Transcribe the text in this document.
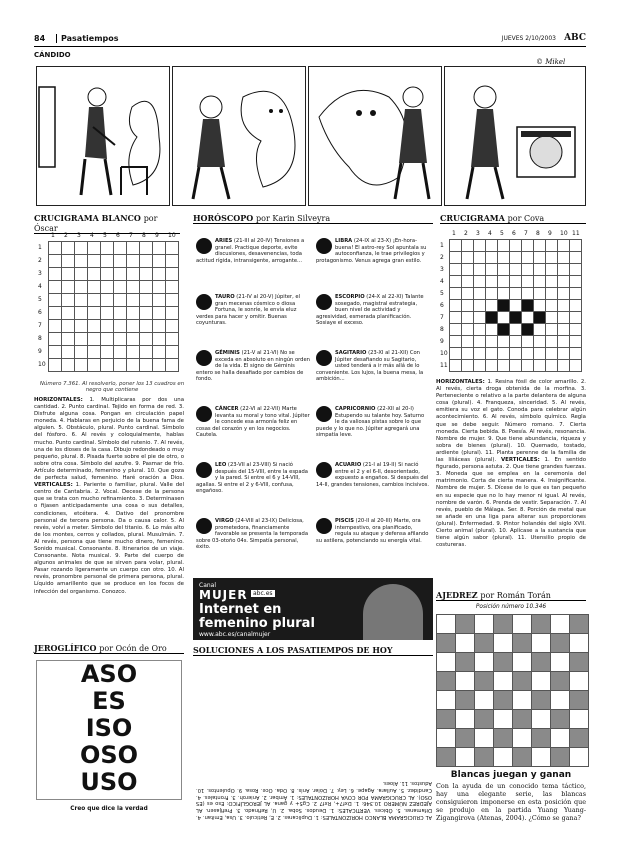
84	Pasatiempos	JUEVES 2/10/2003 ABC
CÁNDIDO
© Mikel
CRUCIGRAMA BLANCO por Óscar
1 2 3 4 5 6 7 8 9 10
1
2
3
4
5
6
7
8
9
10

Número 7.361. Al resolverlo, poner los 13 cuadros en negro que contiene
HORIZONTALES: 1. Multiplicaras por dos una cantidad. 2. Punto cardinal. Tejido en forma de red. 3. Disfrute alguna cosa. Pongan en circulación papel moneda. 4. Hablaras en perjuicio de la buena fama de alguien. 5. Obstáculo, plural. Punto cardinal. Símbolo del fósforo. 6. Al revés y coloquialmente, hablas mucho. Punto cardinal. Símbolo del rutenio. 7. Al revés, una de los dioses de la casa. Dibujo redondeado o muy pequeño, plural. 8. Pisada fuerte sobre el pie de otro, o sobre otra cosa. Símbolo del azufre. 9. Pasmar de frío. Artículo determinado, femenino y plural. 10. Que goza de perfecta salud, femenino. Haré oración a Dios. VERTICALES: 1. Pariente o familiar, plural. Valle del centro de Cantabria. 2. Vocal. Decese de la persona que se trata con mucho refinamiento. 3. Determinasen o fijasen anticipadamente una cosa o sus detalles, condiciones, etcétera. 4. Dativo del pronombre personal de tercera persona. Da o causa calor. 5. Al revés, volví a meter. Símbolo del titanio. 6. Lo más alto de los montes, cerros y collados, plural. Musulmán. 7. Al revés, persona que tiene mucho dinero, femenino. Sonido musical. Consonante. 8. Itinerarios de un viaje. Consonante. Nota musical. 9. Parte del cuerpo de algunos animales de que se sirven para volar, plural. Pasar rozando ligeramente un cuerpo con otro. 10. Al revés, pronombre personal de primera persona, plural. Líquido amarillento que se produce en los focos de infección del organismo. Conozco.
HORÓSCOPO por Karin Silveyra
ARIES (21-III al 20-IV) Tensiones a granel. Practique deporte, evite discusiones, desavenencias, toda actitud rígida, intransigente, arrogante...
TAURO (21-IV al 20-V) Júpiter, el gran mecenas cósmico o diosa Fortuna, le sonríe, le envía eluz verdes para hacer y omitir. Buenas coyunturas.
GÉMINIS (21-V al 21-VI) No se exceda en absoluto en ningún orden de la vida. El signo de Géminis entero se halla desafiado por cambios de fondo.
CÁNCER (22-VI al 22-VII) Marte levanta su moral y tono vital. Júpiter le concede esa armonía feliz en cosas del corazón y en los negocios. Cautela.
LEO (23-VII al 23-VIII) Si nació después del 15-VIII, entre la espada y la pared. Si entre el 6 y 14-VIII, agallas. Si entre el 2 y 6-VIII, confusa, engañoso.
VIRGO (24-VIII al 23-IX) Deliciosa, prometedora, financiamente favorable se presenta la temporada sobre 03-otoño 04s. Simpatía personal, éxito.
LIBRA (24-IX al 23-X) ¡En-hora-buena! El astro-rey Sol apuntala su autoconfianza, le trae privilegios y protagonismo. Venus agrega gran estilo.
ESCORPIO (24-X al 22-XI) Talante sosegado, magistral estrategia, buen nivel de actividad y agresividad, esmerada planificación. Sosiaye el exceso.
SAGITARIO (23-XI al 21-XII) Con Júpiter desafiando su Sagitario, usted tenderá a ir más allá de lo conveniente. Los lujos, la buena mesa, la ambición...
CAPRICORNIO (22-XII al 20-I) Estupendo su talante hoy. Saturno le da valiosas pistas sobre lo que puede y lo que no. Júpiter agregará una simpatía leve.
ACUARIO (21-I al 19-II) Si nació entre el 2 y el 6-II, desorientado, expuesto a engaños. Si después del 14-II, grandes tensiones, cambios incisivos.
PISCIS (20-II al 20-III) Marte, ora intempestivo, ora planificado, regula su ataque y defensa afilando su astilera, potenciando su energía vital.
Canal
MUJER abc.es
Internet en
femenino plural
www.abc.es/canalmujer
CRUCIGRAMA por Cova
1 2 3 4 5 6 7 8 9 10 11
1
2
3
4
5
6
7
8
9
10
11

HORIZONTALES: 1. Resina fósil de color amarillo. 2. Al revés, cierta droga obtenida de la morfina. 3. Perteneciente o relativo a la parte delantera de alguna cosa (plural). 4. Franqueza, sinceridad. 5. Al revés, emitiera su voz el gato. Conoda para celebrar algún acontecimiento. 6. Al revés, símbolo químico. Regla que se debe seguir. Número romano. 7. Cierta moneda. Cierta bebida. 8. Poesía. Al revés, resonancia. Nombre de mujer. 9. Que tiene abundancia, riqueza y sobra de bienes (plural). 10. Quemado, tostado, ardiente (plural). 11. Planta perenne de la familia de las liliáceas (plural). VERTICALES: 1. En sentido figurado, persona astuta. 2. Que tiene grandes fuerzas. 3. Moneda que se emplea en la ceremonia del matrimonio. Corta de cierta manera. 4. Insignificante. Nombre de mujer. 5. Dícese de lo que es tan pequeño en su especie que no lo hay menor ni igual. Al revés, nombre de varón. 6. Prenda de vestir. Separación. 7. Al revés, pueblo de Málaga. Ser. 8. Porción de metal que se añade en una liga para alterar sus proporciones (plural). Enfermedad. 9. Pintor holandés del siglo XVII. Cierto animal (plural). 10. Aplícase a la sustancia que tiene algún sabor (plural). 11. Utensilio propio de costureras.
AJEDREZ por Román Torán
Posición número 10.346

Blancas juegan y ganan
Con la ayuda de un conocido tema táctico, hay una elegante serie, las blancas consiguieron imponerse en esta posición que se produjo en la partida Yuang Yuang-Zigangirova (Atenas, 2004). ¿Cómo se gana?
JEROGLÍFICO por Ocón de Oro
ASO
ES
ISO
OSO
USO
Creo que dice la verdad
SOLUCIONES A LOS PASATIEMPOS DE HOY
AL CRUCIGRAMA BLANCO HORIZONTALES: 1. Duplicaras. 2. E, Retículo. 3. Usa, Emitan. 4. Difamaras. 5. Óbices. VERTICALES: 1. Deudos. Soba. 2. U, Refinado. 3. Prefijasen. AL AJEDREZ NÚMERO 10.346: 1. Dxf7+, Rxf7 2. Cg5+ y gana. AL JEROGLÍFICO: Eso es (ES OSO). AL CRUCIGRAMA POR COVA HORIZONTALES: 1. Ámbar. 2. Anieroh. 3. Frontales. 4. Candidez. 5. Aullara. Agape. 6. Ley. 7. Dólar. Anís. 8. Oda. Oce. Rosa. 9. Opulentos. 10. Adustos. 11. Aloes.
